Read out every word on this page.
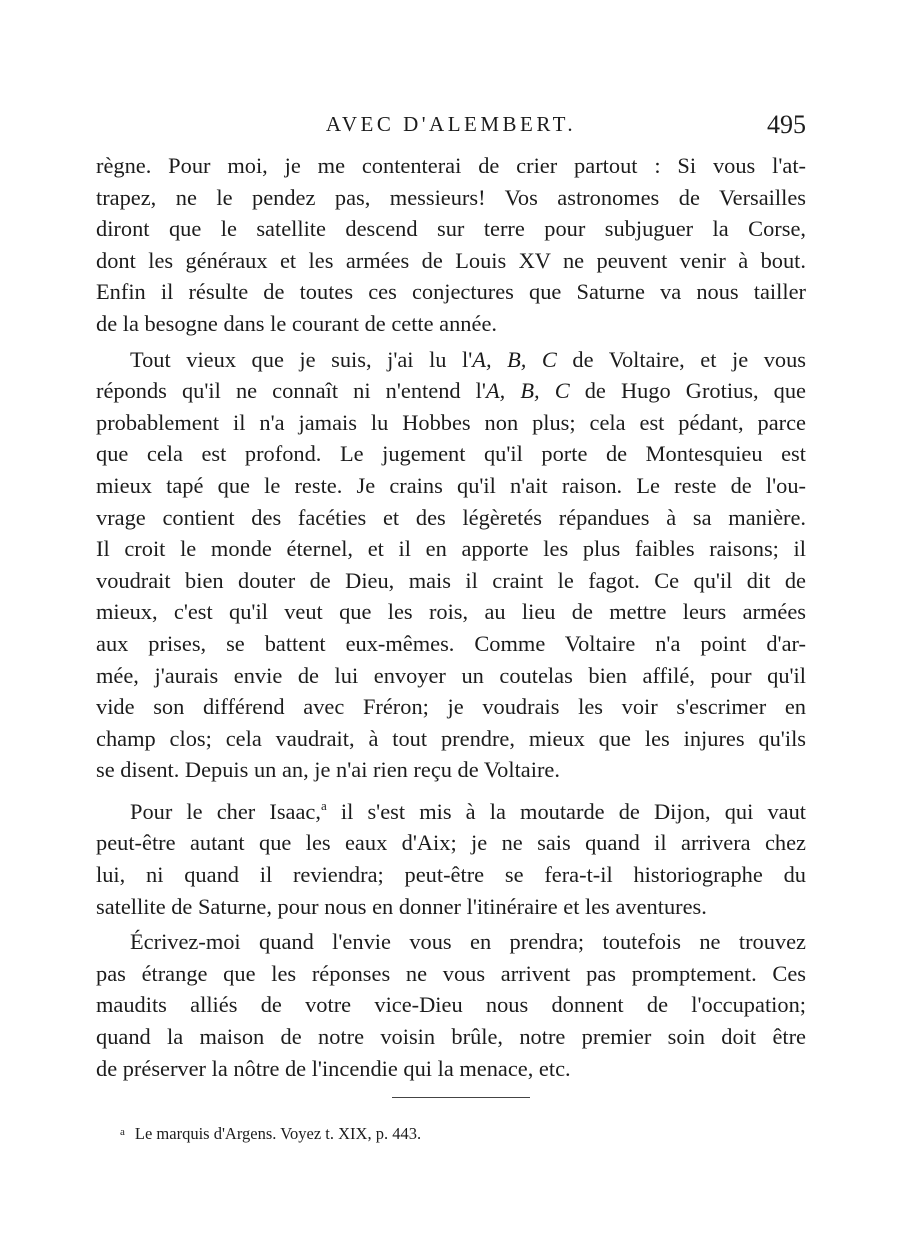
AVEC D'ALEMBERT.	495
règne. Pour moi, je me contenterai de crier partout : Si vous l'at-
trapez, ne le pendez pas, messieurs! Vos astronomes de Versailles
diront que le satellite descend sur terre pour subjuguer la Corse,
dont les généraux et les armées de Louis XV ne peuvent venir à bout.
Enfin il résulte de toutes ces conjectures que Saturne va nous tailler
de la besogne dans le courant de cette année.
Tout vieux que je suis, j'ai lu l'A, B, C de Voltaire, et je vous
réponds qu'il ne connaît ni n'entend l'A, B, C de Hugo Grotius, que
probablement il n'a jamais lu Hobbes non plus; cela est pédant, parce
que cela est profond. Le jugement qu'il porte de Montesquieu est
mieux tapé que le reste. Je crains qu'il n'ait raison. Le reste de l'ou-
vrage contient des facéties et des légèretés répandues à sa manière.
Il croit le monde éternel, et il en apporte les plus faibles raisons; il
voudrait bien douter de Dieu, mais il craint le fagot. Ce qu'il dit de
mieux, c'est qu'il veut que les rois, au lieu de mettre leurs armées
aux prises, se battent eux-mêmes. Comme Voltaire n'a point d'ar-
mée, j'aurais envie de lui envoyer un coutelas bien affilé, pour qu'il
vide son différend avec Fréron; je voudrais les voir s'escrimer en
champ clos; cela vaudrait, à tout prendre, mieux que les injures qu'ils
se disent. Depuis un an, je n'ai rien reçu de Voltaire.
Pour le cher Isaac,$^a$ il s'est mis à la moutarde de Dijon, qui vaut
peut-être autant que les eaux d'Aix; je ne sais quand il arrivera chez
lui, ni quand il reviendra; peut-être se fera-t-il historiographe du
satellite de Saturne, pour nous en donner l'itinéraire et les aventures.
Écrivez-moi quand l'envie vous en prendra; toutefois ne trouvez
pas étrange que les réponses ne vous arrivent pas promptement. Ces
maudits alliés de votre vice-Dieu nous donnent de l'occupation;
quand la maison de notre voisin brûle, notre premier soin doit être
de préserver la nôtre de l'incendie qui la menace, etc.
$^a$ Le marquis d'Argens. Voyez t. XIX, p. 443.
